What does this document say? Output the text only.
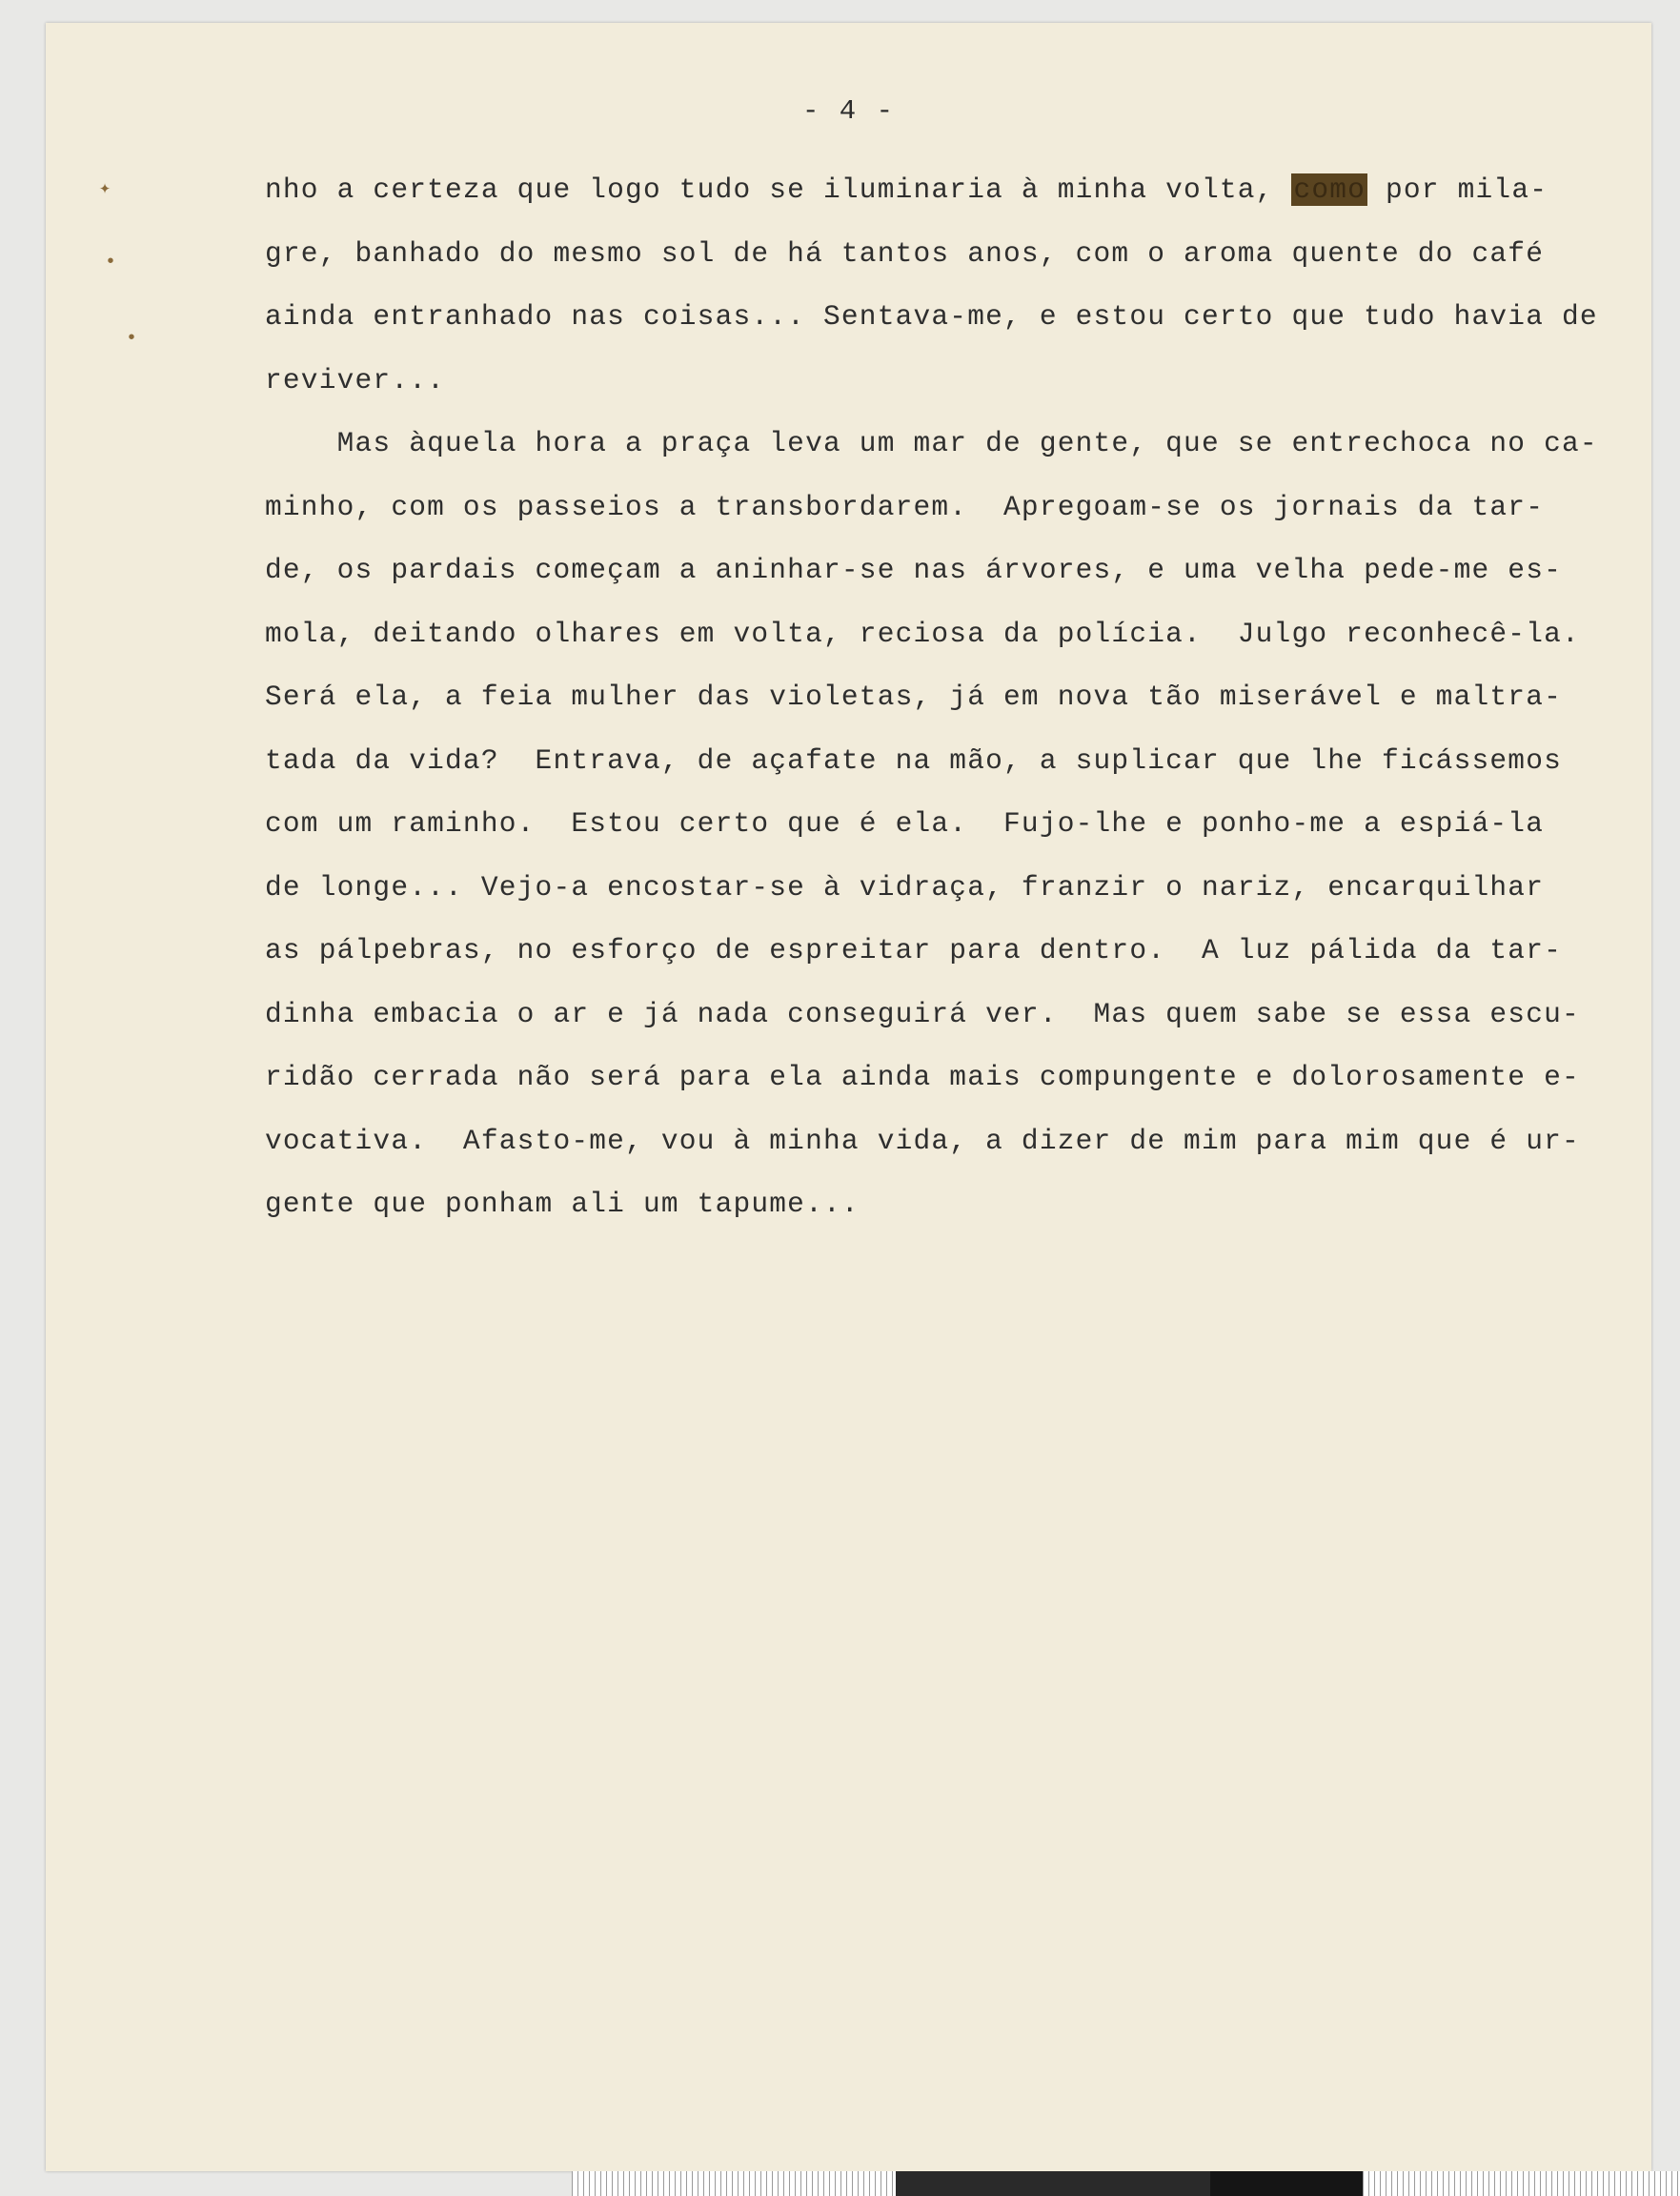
- 4 -
✦
•
•
nho a certeza que logo tudo se iluminaria à minha volta, como por mila-
gre, banhado do mesmo sol de há tantos anos, com o aroma quente do café
ainda entranhado nas coisas... Sentava-me, e estou certo que tudo havia de
reviver...
Mas àquela hora a praça leva um mar de gente, que se entrechoca no ca-
minho, com os passeios a transbordarem.  Apregoam-se os jornais da tar-
de, os pardais começam a aninhar-se nas árvores, e uma velha pede-me es-
mola, deitando olhares em volta, reciosa da polícia.  Julgo reconhecê-la.
Será ela, a feia mulher das violetas, já em nova tão miserável e maltra-
tada da vida?  Entrava, de açafate na mão, a suplicar que lhe ficássemos
com um raminho.  Estou certo que é ela.  Fujo-lhe e ponho-me a espiá-la
de longe... Vejo-a encostar-se à vidraça, franzir o nariz, encarquilhar
as pálpebras, no esforço de espreitar para dentro.  A luz pálida da tar-
dinha embacia o ar e já nada conseguirá ver.  Mas quem sabe se essa escu-
ridão cerrada não será para ela ainda mais compungente e dolorosamente e-
vocativa.  Afasto-me, vou à minha vida, a dizer de mim para mim que é ur-
gente que ponham ali um tapume...
